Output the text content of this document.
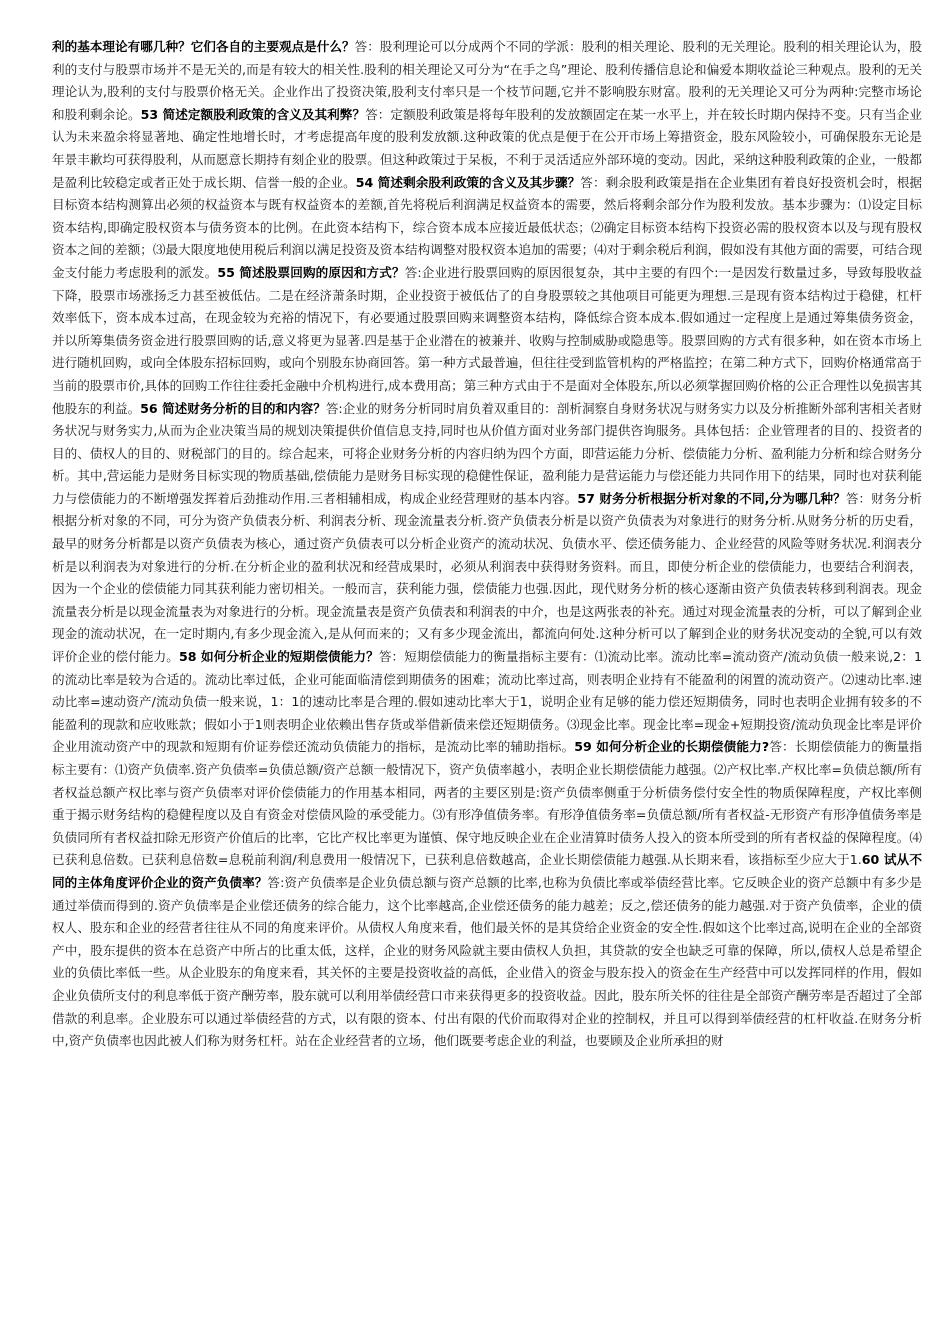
利的基本理论有哪几种？它们各自的主要观点是什么？答：股利理论可以分成两个不同的学派：股利的相关理论、股利的无关理论。股利的相关理论认为，股利的支付与股票市场并不是无关的,而是有较大的相关性.股利的相关理论又可分为“在手之鸟”理论、股利传播信息论和偏爱本期收益论三种观点。股利的无关理论认为,股利的支付与股票价格无关。企业作出了投资决策,股利支付率只是一个枝节问题,它并不影响股东财富。股利的无关理论又可分为两种:完整市场论和股利剩余论。53 简述定额股利政策的含义及其利弊？答：定额股利政策是将每年股利的发放额固定在某一水平上，并在较长时期内保持不变。只有当企业认为未来盈余将显著地、确定性地增长时，才考虑提高年度的股利发放额.这种政策的优点是便于在公开市场上筹措资金，股东风险较小，可确保股东无论是年景丰歉均可获得股利，从而愿意长期持有刻企业的股票。但这种政策过于呆板，不利于灵活适应外部环境的变动。因此，采纳这种股利政策的企业，一般都是盈利比较稳定或者正处于成长期、信誉一般的企业。54 简述剩余股利政策的含义及其步骤？答：剩余股利政策是指在企业集团有着良好投资机会时，根据目标资本结构测算出必须的权益资本与既有权益资本的差额,首先将税后利润满足权益资本的需要，然后将剩余部分作为股利发放。基本步骤为：⑴设定目标资本结构,即确定股权资本与债务资本的比例。在此资本结构下，综合资本成本应接近最低状态；⑵确定目标资本结构下投资必需的股权资本以及与现有股权资本之间的差额；⑶最大限度地使用税后利润以满足投资及资本结构调整对股权资本追加的需要；⑷对于剩余税后利润，假如没有其他方面的需要，可结合现金支付能力考虑股利的派发。55 简述股票回购的原因和方式？答:企业进行股票回购的原因很复杂，其中主要的有四个:一是因发行数量过多，导致每股收益下降，股票市场涨扬乏力甚至被低估。二是在经济萧条时期，企业投资于被低估了的自身股票较之其他项目可能更为理想.三是现有资本结构过于稳健，杠杆效率低下，资本成本过高，在现金较为充裕的情况下，有必要通过股票回购来调整资本结构，降低综合资本成本.假如通过一定程度上是通过筹集债务资金，并以所筹集债务资金进行股票回购的话,意义将更为显著.四是基于企业潜在的被兼并、收购与控制威胁或隐患等。股票回购的方式有很多种，如在资本市场上进行随机回购，或向全体股东招标回购，或向个别股东协商回答。第一种方式最普遍，但往往受到监管机构的严格监控；在第二种方式下，回购价格通常高于当前的股票市价,具体的回购工作往往委托金融中介机构进行,成本费用高；第三种方式由于不是面对全体股东,所以必须掌握回购价格的公正合理性以免损害其他股东的利益。56 简述财务分析的目的和内容？答:企业的财务分析同时肩负着双重目的：剖析洞察自身财务状况与财务实力以及分析推断外部利害相关者财务状况与财务实力,从而为企业决策当局的规划决策提供价值信息支持,同时也从价值方面对业务部门提供咨询服务。具体包括：企业管理者的目的、投资者的目的、债权人的目的、财税部门的目的。综合起来，可将企业财务分析的内容归纳为四个方面，即营运能力分析、偿债能力分析、盈利能力分析和综合财务分析。其中,营运能力是财务目标实现的物质基础,偿债能力是财务目标实现的稳健性保证，盈利能力是营运能力与偿还能力共同作用下的结果，同时也对获利能力与偿债能力的不断增强发挥着后劲推动作用.三者相辅相成，构成企业经营理财的基本内容。57 财务分析根据分析对象的不同,分为哪几种？答：财务分析根据分析对象的不同，可分为资产负债表分析、利润表分析、现金流量表分析.资产负债表分析是以资产负债表为对象进行的财务分析.从财务分析的历史看，最早的财务分析都是以资产负债表为核心，通过资产负债表可以分析企业资产的流动状况、负债水平、偿还债务能力、企业经营的风险等财务状况.利润表分析是以利润表为对象进行的分析.在分析企业的盈利状况和经营成果时，必须从利润表中获得财务资料。而且，即使分析企业的偿债能力，也要结合利润表，因为一个企业的偿债能力同其获利能力密切相关。一般而言，获利能力强，偿债能力也强.因此，现代财务分析的核心逐渐由资产负债表转移到利润表。现金流量表分析是以现金流量表为对象进行的分析。现金流量表是资产负债表和利润表的中介，也是这两张表的补充。通过对现金流量表的分析，可以了解到企业现金的流动状况，在一定时期内,有多少现金流入,是从何而来的；又有多少现金流出，都流向何处.这种分析可以了解到企业的财务状况变动的全貌,可以有效评价企业的偿付能力。58 如何分析企业的短期偿债能力？答：短期偿债能力的衡量指标主要有：⑴流动比率。流动比率=流动资产/流动负债一般来说,2：1的流动比率是较为合适的。流动比率过低，企业可能面临清偿到期债务的困难；流动比率过高，则表明企业持有不能盈利的闲置的流动资产。⑵速动比率.速动比率=速动资产/流动负债一般来说，1：1的速动比率是合理的.假如速动比率大于1，说明企业有足够的能力偿还短期债务，同时也表明企业拥有较多的不能盈利的现款和应收账款；假如小于1则表明企业依赖出售存货或举借新债来偿还短期债务。⑶现金比率。现金比率=现金+短期投资/流动负现金比率是评价企业用流动资产中的现款和短期有价证券偿还流动负债能力的指标，是流动比率的辅助指标。59 如何分析企业的长期偿债能力?答：长期偿债能力的衡量指标主要有：⑴资产负债率.资产负债率=负债总额/资产总额一般情况下，资产负债率越小，表明企业长期偿债能力越强。⑵产权比率.产权比率=负债总额/所有者权益总额产权比率与资产负债率对评价偿债能力的作用基本相同，两者的主要区别是:资产负债率侧重于分析债务偿付安全性的物质保障程度，产权比率侧重于揭示财务结构的稳健程度以及自有资金对偿债风险的承受能力。⑶有形净值债务率。有形净值债务率=负债总额/所有者权益-无形资产有形净值债务率是负债同所有者权益扣除无形资产价值后的比率，它比产权比率更为谨慎、保守地反映企业在企业清算时债务人投入的资本所受到的所有者权益的保障程度。⑷已获利息倍数。已获利息倍数=息税前利润/利息费用一般情况下，已获利息倍数越高，企业长期偿债能力越强.从长期来看，该指标至少应大于1.60 试从不同的主体角度评价企业的资产负债率？答:资产负债率是企业负债总额与资产总额的比率,也称为负债比率或举债经营比率。它反映企业的资产总额中有多少是通过举债而得到的.资产负债率是企业偿还债务的综合能力，这个比率越高,企业偿还债务的能力越差；反之,偿还债务的能力越强.对于资产负债率，企业的债权人、股东和企业的经营者往往从不同的角度来评价。从债权人角度来看，他们最关怀的是其贷给企业资金的安全性.假如这个比率过高,说明在企业的全部资产中，股东提供的资本在总资产中所占的比重太低，这样，企业的财务风险就主要由债权人负担，其贷款的安全也缺乏可靠的保障，所以,债权人总是希望企业的负债比率低一些。从企业股东的角度来看，其关怀的主要是投资收益的高低，企业借入的资金与股东投入的资金在生产经营中可以发挥同样的作用，假如企业负债所支付的利息率低于资产酬劳率，股东就可以利用举债经营口市来获得更多的投资收益。因此，股东所关怀的往往是全部资产酬劳率是否超过了全部借款的利息率。企业股东可以通过举债经营的方式，以有限的资本、付出有限的代价而取得对企业的控制权，并且可以得到举债经营的杠杆收益.在财务分析中,资产负债率也因此被人们称为财务杠杆。站在企业经营者的立场，他们既要考虑企业的利益，也要顾及企业所承担的财
